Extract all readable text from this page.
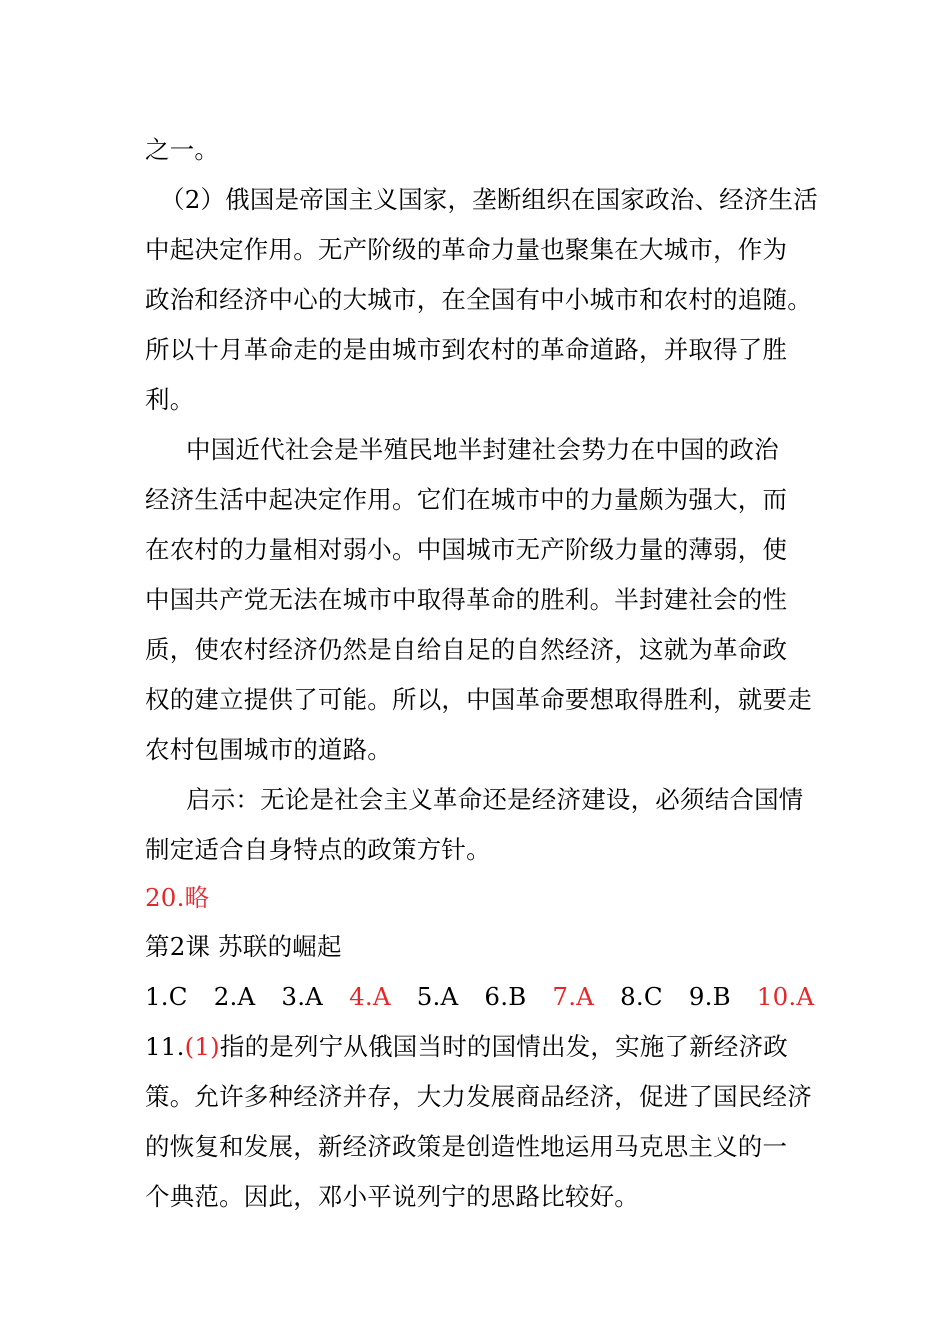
之一。
（2）俄国是帝国主义国家，垄断组织在国家政治、经济生活
中起决定作用。无产阶级的革命力量也聚集在大城市，作为
政治和经济中心的大城市，在全国有中小城市和农村的追随。
所以十月革命走的是由城市到农村的革命道路，并取得了胜
利。
中国近代社会是半殖民地半封建社会势力在中国的政治
经济生活中起决定作用。它们在城市中的力量颇为强大，而
在农村的力量相对弱小。中国城市无产阶级力量的薄弱，使
中国共产党无法在城市中取得革命的胜利。半封建社会的性
质，使农村经济仍然是自给自足的自然经济，这就为革命政
权的建立提供了可能。所以，中国革命要想取得胜利，就要走
农村包围城市的道路。
启示：无论是社会主义革命还是经济建设，必须结合国情
制定适合自身特点的政策方针。
20.略
第2课 苏联的崛起
1.C 2.A 3.A 4.A 5.A 6.B 7.A 8.C 9.B 10.A
11.(1)指的是列宁从俄国当时的国情出发，实施了新经济政
策。允许多种经济并存，大力发展商品经济，促进了国民经济
的恢复和发展，新经济政策是创造性地运用马克思主义的一
个典范。因此，邓小平说列宁的思路比较好。
